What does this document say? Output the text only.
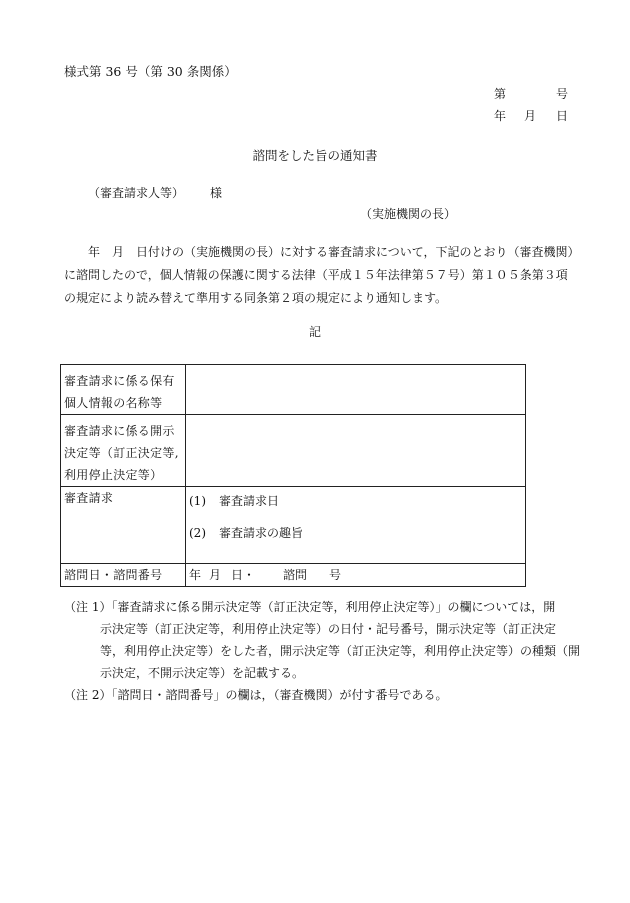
様式第 36 号（第 30 条関係）
第	号
年 月 日
諮問をした旨の通知書
（審査請求人等） 様
（実施機関の長）
年　月　日付けの（実施機関の長）に対する審査請求について，下記のとおり（審査機関）
に諮問したので，個人情報の保護に関する法律（平成１５年法律第５７号）第１０５条第３項
の規定により読み替えて準用する同条第２項の規定により通知します。
記
審査請求に係る保有
個人情報の名称等	

審査請求に係る開示
決定等（訂正決定等,
利用停止決定等）	

審査請求	(1) 審査請求日
(2) 審査請求の趣旨

諮問日・諮問番号	年 月 日・ 諮問 号
（注 1）「審査請求に係る開示決定等（訂正決定等，利用停止決定等）」の欄については，開
示決定等（訂正決定等，利用停止決定等）の日付・記号番号，開示決定等（訂正決定
等，利用停止決定等）をした者，開示決定等（訂正決定等，利用停止決定等）の種類（開
示決定，不開示決定等）を記載する。
（注 2）「諮問日・諮問番号」の欄は，（審査機関）が付す番号である。
